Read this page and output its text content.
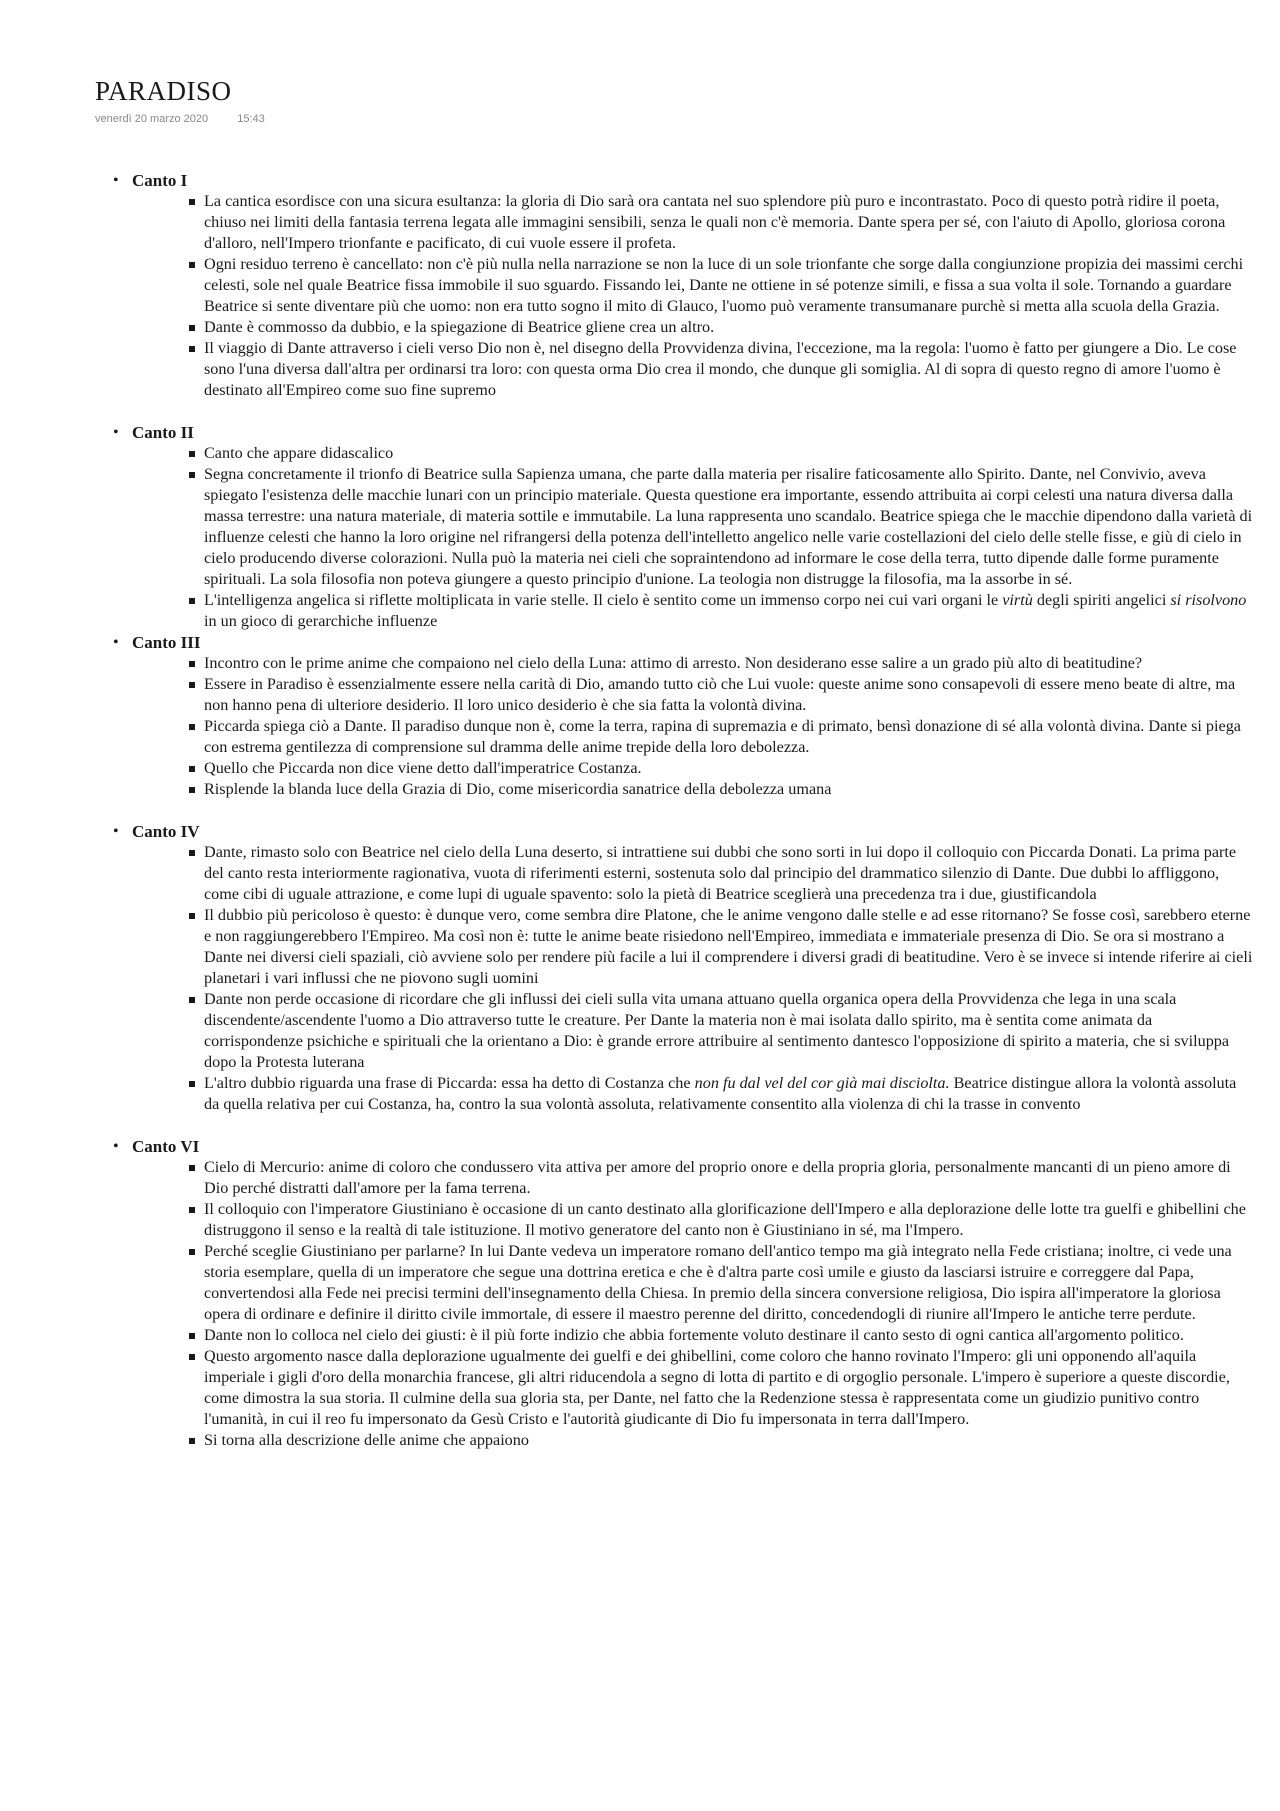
PARADISO
venerdì 20 marzo 2020	15:43
• Canto I
La cantica esordisce con una sicura esultanza: la gloria di Dio sarà ora cantata nel suo splendore più puro e incontrastato. Poco di questo potrà ridire il poeta, chiuso nei limiti della fantasia terrena legata alle immagini sensibili, senza le quali non c'è memoria. Dante spera per sé, con l'aiuto di Apollo, gloriosa corona d'alloro, nell'Impero trionfante e pacificato, di cui vuole essere il profeta.
Ogni residuo terreno è cancellato: non c'è più nulla nella narrazione se non la luce di un sole trionfante che sorge dalla congiunzione propizia dei massimi cerchi celesti, sole nel quale Beatrice fissa immobile il suo sguardo. Fissando lei, Dante ne ottiene in sé potenze simili, e fissa a sua volta il sole. Tornando a guardare Beatrice si sente diventare più che uomo: non era tutto sogno il mito di Glauco, l'uomo può veramente transumanare purchè si metta alla scuola della Grazia.
Dante è commosso da dubbio, e la spiegazione di Beatrice gliene crea un altro.
Il viaggio di Dante attraverso i cieli verso Dio non è, nel disegno della Provvidenza divina, l'eccezione, ma la regola: l'uomo è fatto per giungere a Dio. Le cose sono l'una diversa dall'altra per ordinarsi tra loro: con questa orma Dio crea il mondo, che dunque gli somiglia. Al di sopra di questo regno di amore l'uomo è destinato all'Empireo come suo fine supremo
• Canto II
Canto che appare didascalico
Segna concretamente il trionfo di Beatrice sulla Sapienza umana, che parte dalla materia per risalire faticosamente allo Spirito. Dante, nel Convivio, aveva spiegato l'esistenza delle macchie lunari con un principio materiale. Questa questione era importante, essendo attribuita ai corpi celesti una natura diversa dalla massa terrestre: una natura materiale, di materia sottile e immutabile. La luna rappresenta uno scandalo. Beatrice spiega che le macchie dipendono dalla varietà di influenze celesti che hanno la loro origine nel rifrangersi della potenza dell'intelletto angelico nelle varie costellazioni del cielo delle stelle fisse, e giù di cielo in cielo producendo diverse colorazioni. Nulla può la materia nei cieli che sopraintendono ad informare le cose della terra, tutto dipende dalle forme puramente spirituali. La sola filosofia non poteva giungere a questo principio d'unione. La teologia non distrugge la filosofia, ma la assorbe in sé.
L'intelligenza angelica si riflette moltiplicata in varie stelle. Il cielo è sentito come un immenso corpo nei cui vari organi le virtù degli spiriti angelici si risolvono in un gioco di gerarchiche influenze
• Canto III
Incontro con le prime anime che compaiono nel cielo della Luna: attimo di arresto. Non desiderano esse salire a un grado più alto di beatitudine?
Essere in Paradiso è essenzialmente essere nella carità di Dio, amando tutto ciò che Lui vuole: queste anime sono consapevoli di essere meno beate di altre, ma non hanno pena di ulteriore desiderio. Il loro unico desiderio è che sia fatta la volontà divina.
Piccarda spiega ciò a Dante. Il paradiso dunque non è, come la terra, rapina di supremazia e di primato, bensì donazione di sé alla volontà divina. Dante si piega con estrema gentilezza di comprensione sul dramma delle anime trepide della loro debolezza.
Quello che Piccarda non dice viene detto dall'imperatrice Costanza.
Risplende la blanda luce della Grazia di Dio, come misericordia sanatrice della debolezza umana
• Canto IV
Dante, rimasto solo con Beatrice nel cielo della Luna deserto, si intrattiene sui dubbi che sono sorti in lui dopo il colloquio con Piccarda Donati. La prima parte del canto resta interiormente ragionativa, vuota di riferimenti esterni, sostenuta solo dal principio del drammatico silenzio di Dante. Due dubbi lo affliggono, come cibi di uguale attrazione, e come lupi di uguale spavento: solo la pietà di Beatrice sceglierà una precedenza tra i due, giustificandola
Il dubbio più pericoloso è questo: è dunque vero, come sembra dire Platone, che le anime vengono dalle stelle e ad esse ritornano? Se fosse così, sarebbero eterne e non raggiungerebbero l'Empireo. Ma così non è: tutte le anime beate risiedono nell'Empireo, immediata e immateriale presenza di Dio. Se ora si mostrano a Dante nei diversi cieli spaziali, ciò avviene solo per rendere più facile a lui il comprendere i diversi gradi di beatitudine. Vero è se invece si intende riferire ai cieli planetari i vari influssi che ne piovono sugli uomini
Dante non perde occasione di ricordare che gli influssi dei cieli sulla vita umana attuano quella organica opera della Provvidenza che lega in una scala discendente/ascendente l'uomo a Dio attraverso tutte le creature. Per Dante la materia non è mai isolata dallo spirito, ma è sentita come animata da corrispondenze psichiche e spirituali che la orientano a Dio: è grande errore attribuire al sentimento dantesco l'opposizione di spirito a materia, che si sviluppa dopo la Protesta luterana
L'altro dubbio riguarda una frase di Piccarda: essa ha detto di Costanza che non fu dal vel del cor già mai disciolta. Beatrice distingue allora la volontà assoluta da quella relativa per cui Costanza, ha, contro la sua volontà assoluta, relativamente consentito alla violenza di chi la trasse in convento
• Canto VI
Cielo di Mercurio: anime di coloro che condussero vita attiva per amore del proprio onore e della propria gloria, personalmente mancanti di un pieno amore di Dio perché distratti dall'amore per la fama terrena.
Il colloquio con l'imperatore Giustiniano è occasione di un canto destinato alla glorificazione dell'Impero e alla deplorazione delle lotte tra guelfi e ghibellini che distruggono il senso e la realtà di tale istituzione. Il motivo generatore del canto non è Giustiniano in sé, ma l'Impero.
Perché sceglie Giustiniano per parlarne? In lui Dante vedeva un imperatore romano dell'antico tempo ma già integrato nella Fede cristiana; inoltre, ci vede una storia esemplare, quella di un imperatore che segue una dottrina eretica e che è d'altra parte così umile e giusto da lasciarsi istruire e correggere dal Papa, convertendosi alla Fede nei precisi termini dell'insegnamento della Chiesa. In premio della sincera conversione religiosa, Dio ispira all'imperatore la gloriosa opera di ordinare e definire il diritto civile immortale, di essere il maestro perenne del diritto, concedendogli di riunire all'Impero le antiche terre perdute.
Dante non lo colloca nel cielo dei giusti: è il più forte indizio che abbia fortemente voluto destinare il canto sesto di ogni cantica all'argomento politico.
Questo argomento nasce dalla deplorazione ugualmente dei guelfi e dei ghibellini, come coloro che hanno rovinato l'Impero: gli uni opponendo all'aquila imperiale i gigli d'oro della monarchia francese, gli altri riducendola a segno di lotta di partito e di orgoglio personale. L'impero è superiore a queste discordie, come dimostra la sua storia. Il culmine della sua gloria sta, per Dante, nel fatto che la Redenzione stessa è rappresentata come un giudizio punitivo contro l'umanità, in cui il reo fu impersonato da Gesù Cristo e l'autorità giudicante di Dio fu impersonata in terra dall'Impero.
Si torna alla descrizione delle anime che appaiono
